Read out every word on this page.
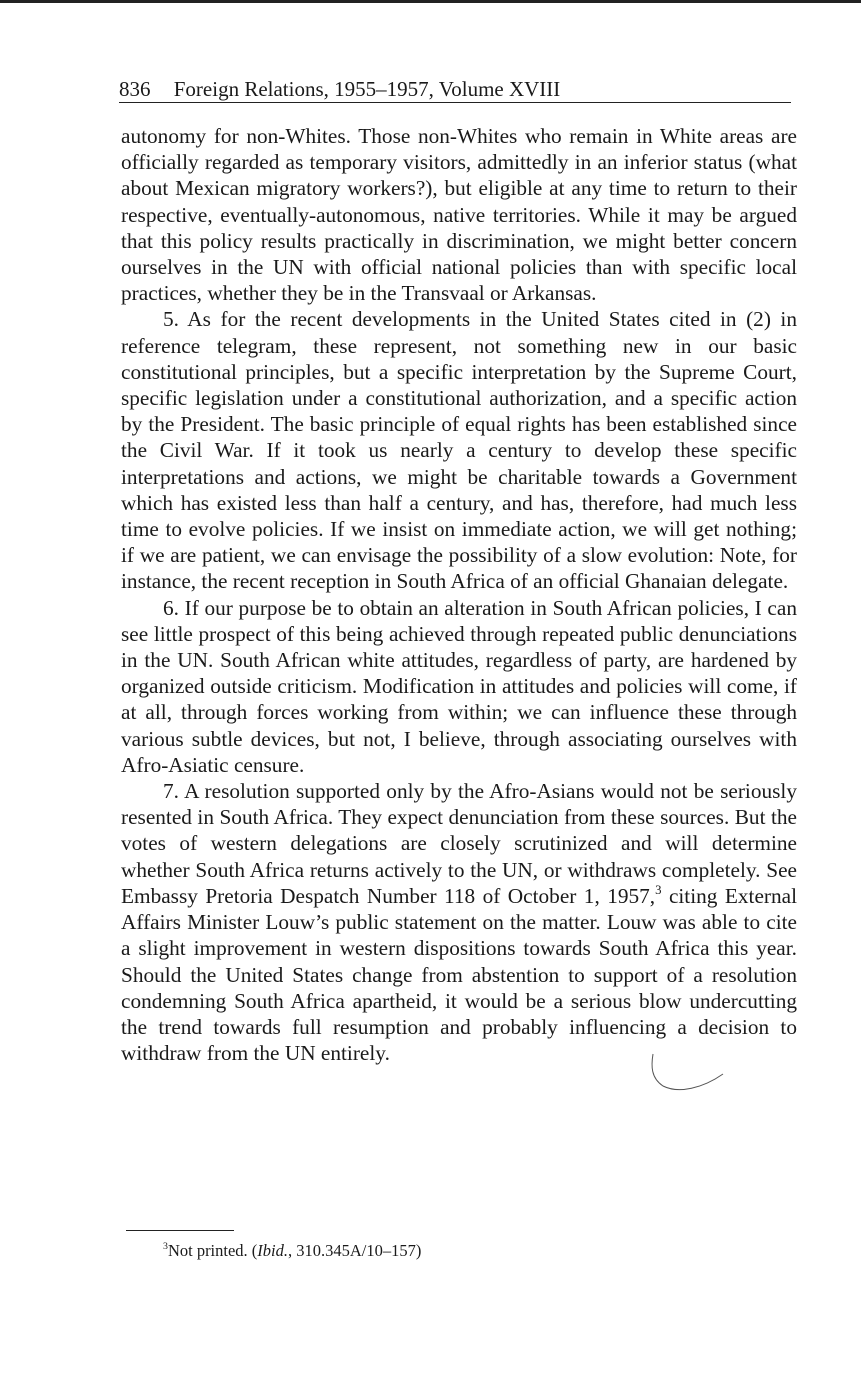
836 Foreign Relations, 1955–1957, Volume XVIII

autonomy for non-Whites. Those non-Whites who remain in White areas are officially regarded as temporary visitors, admittedly in an inferior status (what about Mexican migratory workers?), but eligible at any time to return to their respective, eventually-autonomous, native territories. While it may be argued that this policy results practically in discrimination, we might better concern ourselves in the UN with official national policies than with specific local practices, whether they be in the Transvaal or Arkansas.

5. As for the recent developments in the United States cited in (2) in reference telegram, these represent, not something new in our basic constitutional principles, but a specific interpretation by the Supreme Court, specific legislation under a constitutional authorization, and a specific action by the President. The basic principle of equal rights has been established since the Civil War. If it took us nearly a century to develop these specific interpretations and actions, we might be charitable towards a Government which has existed less than half a century, and has, therefore, had much less time to evolve policies. If we insist on immediate action, we will get nothing; if we are patient, we can envisage the possibility of a slow evolution: Note, for instance, the recent reception in South Africa of an official Ghanaian delegate.

6. If our purpose be to obtain an alteration in South African policies, I can see little prospect of this being achieved through repeated public denunciations in the UN. South African white attitudes, regardless of party, are hardened by organized outside criticism. Modification in attitudes and policies will come, if at all, through forces working from within; we can influence these through various subtle devices, but not, I believe, through associating ourselves with Afro-Asiatic censure.

7. A resolution supported only by the Afro-Asians would not be seriously resented in South Africa. They expect denunciation from these sources. But the votes of western delegations are closely scrutinized and will determine whether South Africa returns actively to the UN, or withdraws completely. See Embassy Pretoria Despatch Number 118 of October 1, 1957,$^3$ citing External Affairs Minister Louw’s public statement on the matter. Louw was able to cite a slight improvement in western dispositions towards South Africa this year. Should the United States change from abstention to support of a resolution condemning South Africa apartheid, it would be a serious blow undercutting the trend towards full resumption and probably influencing a decision to withdraw from the UN entirely.

$^3$Not printed. (Ibid., 310.345A/10–157)
